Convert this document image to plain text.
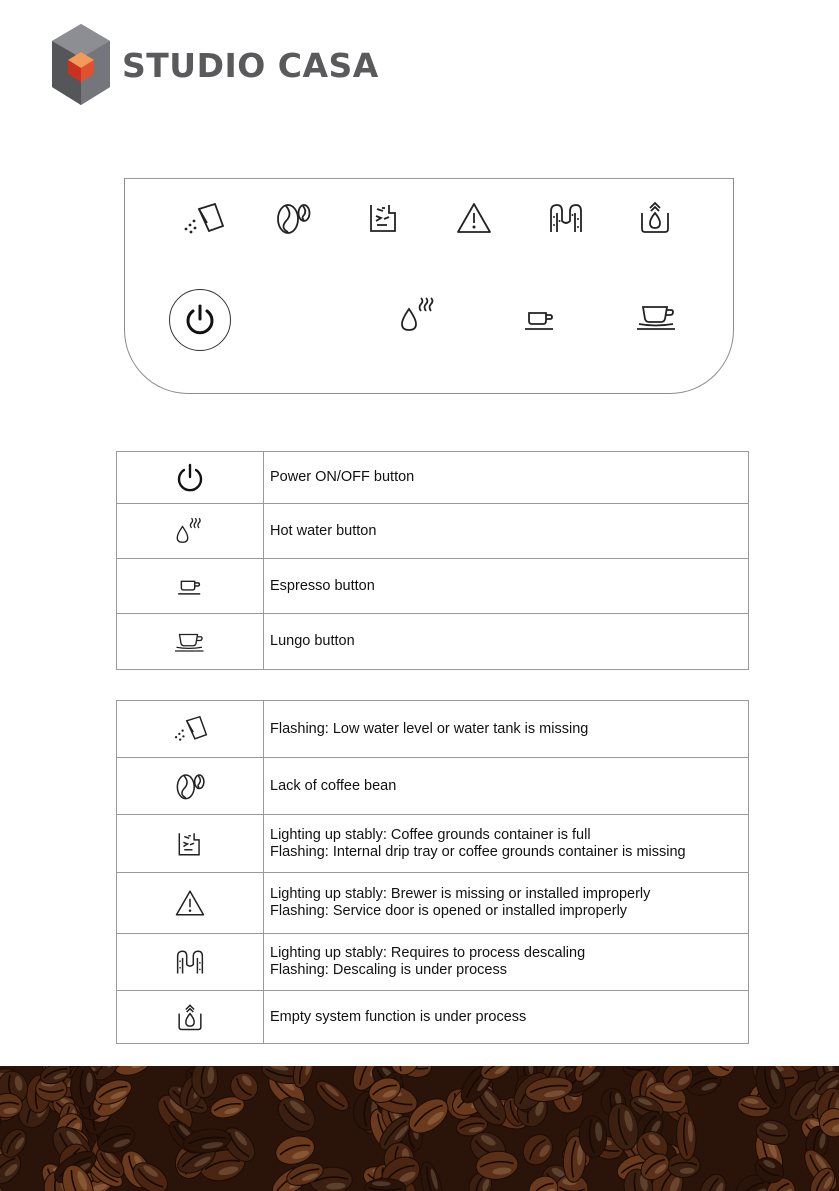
STUDIO CASA

Power ON/OFF button

Hot water button

Espresso button

Lungo button

Flashing: Low water level or water tank is missing

Lack of coffee bean

Lighting up stably: Coffee grounds container is full
Flashing: Internal drip tray or coffee grounds container is missing

Lighting up stably: Brewer is missing or installed improperly
Flashing: Service door is opened or installed improperly

Lighting up stably: Requires to process descaling
Flashing: Descaling is under process

Empty system function is under process
